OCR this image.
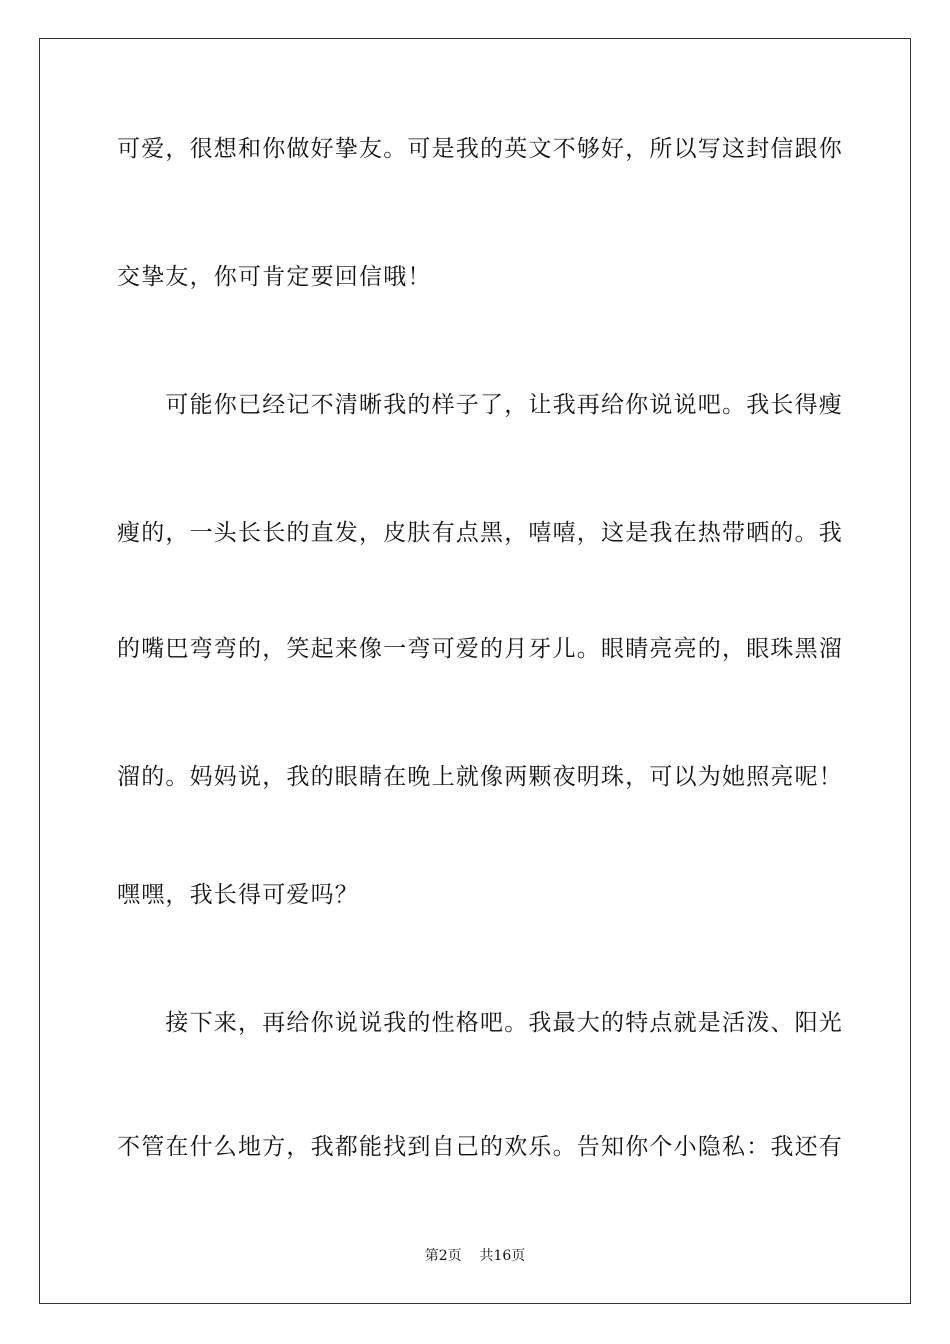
可爱，很想和你做好挚友。可是我的英文不够好，所以写这封信跟你
交挚友，你可肯定要回信哦！
　　可能你已经记不清晰我的样子了，让我再给你说说吧。我长得瘦
瘦的，一头长长的直发，皮肤有点黑，嘻嘻，这是我在热带晒的。我
的嘴巴弯弯的，笑起来像一弯可爱的月牙儿。眼睛亮亮的，眼珠黑溜
溜的。妈妈说，我的眼睛在晚上就像两颗夜明珠，可以为她照亮呢！
嘿嘿，我长得可爱吗？
　　接下来，再给你说说我的性格吧。我最大的特点就是活泼、阳光
不管在什么地方，我都能找到自己的欢乐。告知你个小隐私：我还有
第2页 共16页
